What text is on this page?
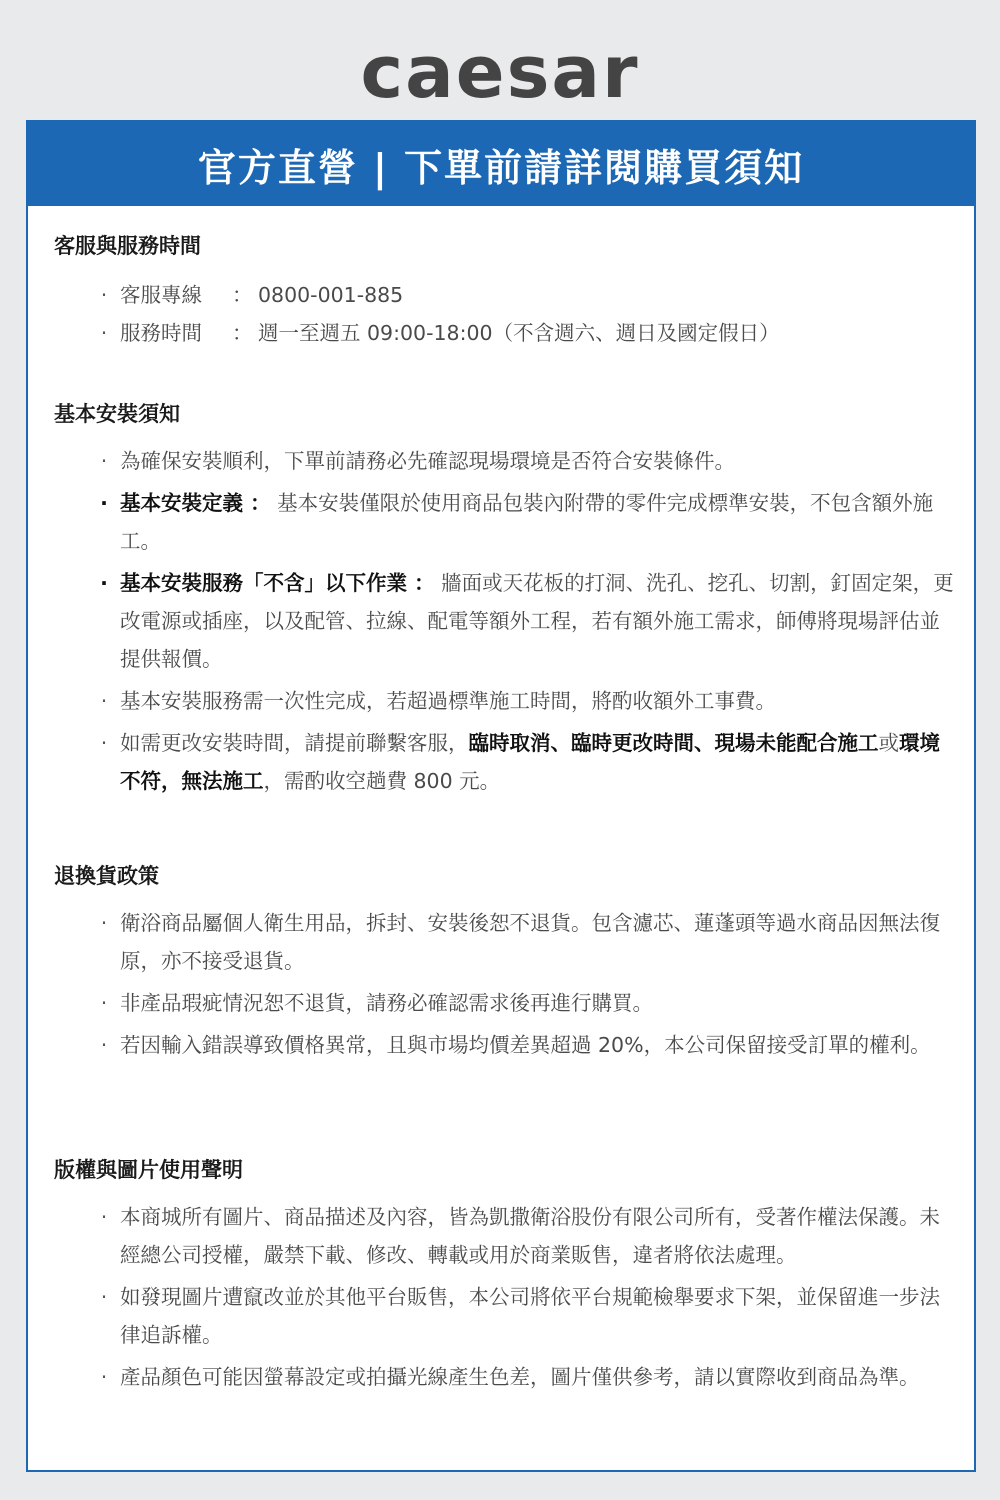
caesar
官方直營 | 下單前請詳閱購買須知
客服與服務時間
· 客服專線 ： 0800-001-885
· 服務時間 ： 週一至週五 09:00-18:00（不含週六、週日及國定假日）
基本安裝須知
· 為確保安裝順利，下單前請務必先確認現場環境是否符合安裝條件。
· 基本安裝定義 ： 基本安裝僅限於使用商品包裝內附帶的零件完成標準安裝，不包含額外施工。
· 基本安裝服務「不含」以下作業 ： 牆面或天花板的打洞、洗孔、挖孔、切割，釘固定架，更改電源或插座，以及配管、拉線、配電等額外工程，若有額外施工需求，師傅將現場評估並提供報價。
· 基本安裝服務需一次性完成，若超過標準施工時間，將酌收額外工事費。
· 如需更改安裝時間，請提前聯繫客服，臨時取消、臨時更改時間、現場未能配合施工或環境不符，無法施工，需酌收空趟費 800 元。
退換貨政策
· 衛浴商品屬個人衛生用品，拆封、安裝後恕不退貨。包含濾芯、蓮蓬頭等過水商品因無法復原，亦不接受退貨。
· 非產品瑕疵情況恕不退貨，請務必確認需求後再進行購買。
· 若因輸入錯誤導致價格異常，且與市場均價差異超過 20%，本公司保留接受訂單的權利。
版權與圖片使用聲明
· 本商城所有圖片、商品描述及內容，皆為凱撒衛浴股份有限公司所有，受著作權法保護。未經總公司授權，嚴禁下載、修改、轉載或用於商業販售，違者將依法處理。
· 如發現圖片遭竄改並於其他平台販售，本公司將依平台規範檢舉要求下架，並保留進一步法律追訴權。
· 產品顏色可能因螢幕設定或拍攝光線產生色差，圖片僅供參考，請以實際收到商品為準。
